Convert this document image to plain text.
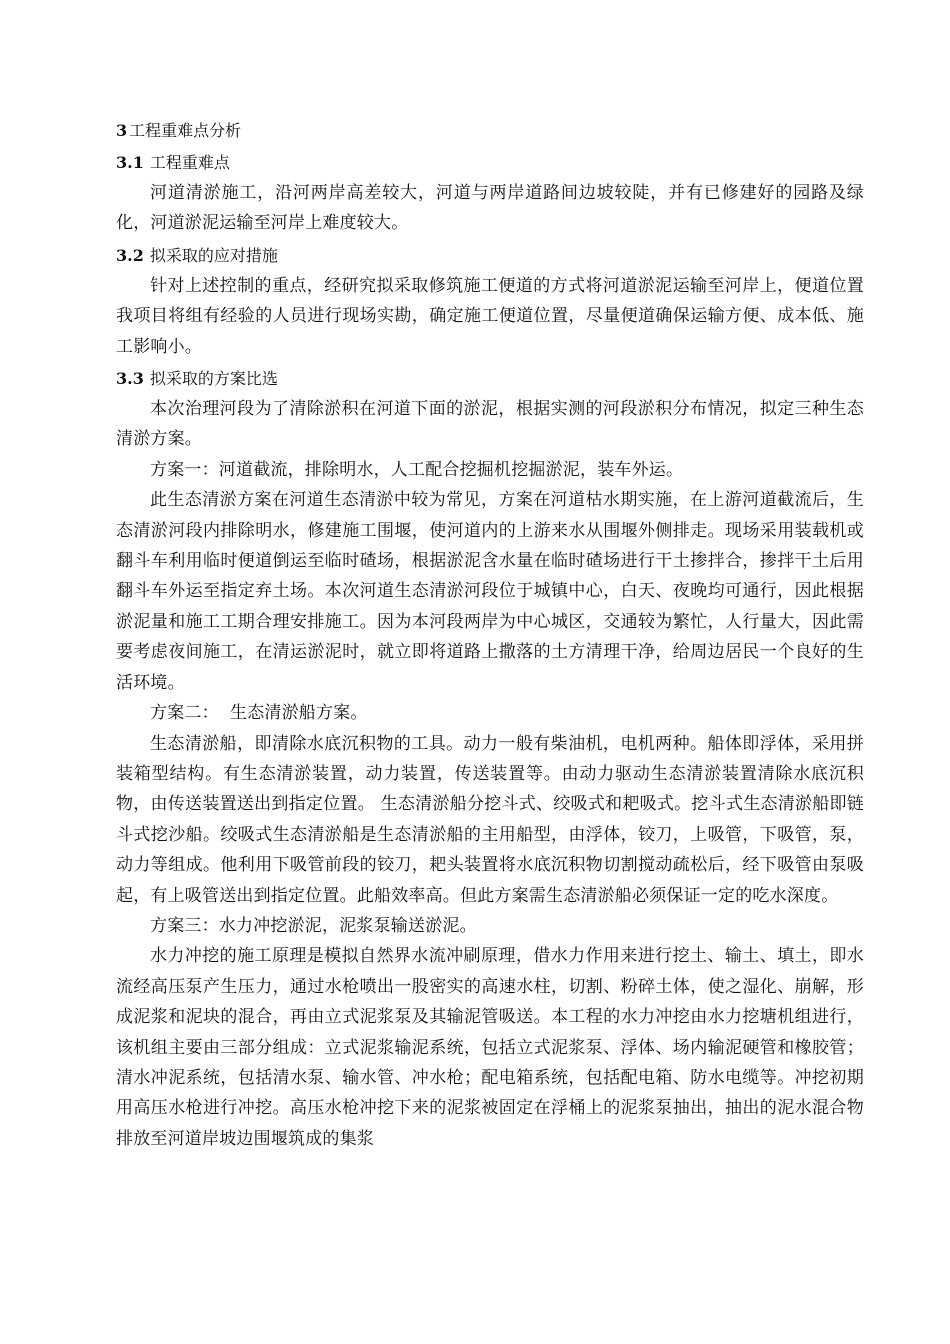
3 工程重难点分析
3.1 工程重难点

河道清淤施工，沿河两岸高差较大，河道与两岸道路间边坡较陡，并有已修建好的园路及绿化，河道淤泥运输至河岸上难度较大。

3.2 拟采取的应对措施

针对上述控制的重点，经研究拟采取修筑施工便道的方式将河道淤泥运输至河岸上，便道位置我项目将组有经验的人员进行现场实勘，确定施工便道位置，尽量便道确保运输方便、成本低、施工影响小。

3.3 拟采取的方案比选

本次治理河段为了清除淤积在河道下面的淤泥，根据实测的河段淤积分布情况，拟定三种生态清淤方案。

方案一：河道截流，排除明水，人工配合挖掘机挖掘淤泥，装车外运。

此生态清淤方案在河道生态清淤中较为常见，方案在河道枯水期实施，在上游河道截流后，生态清淤河段内排除明水，修建施工围堰，使河道内的上游来水从围堰外侧排走。现场采用装载机或翻斗车利用临时便道倒运至临时碴场，根据淤泥含水量在临时碴场进行干土掺拌合，掺拌干土后用翻斗车外运至指定弃土场。本次河道生态清淤河段位于城镇中心，白天、夜晚均可通行，因此根据淤泥量和施工工期合理安排施工。因为本河段两岸为中心城区，交通较为繁忙，人行量大，因此需要考虑夜间施工，在清运淤泥时，就立即将道路上撒落的土方清理干净，给周边居民一个良好的生活环境。

方案二：  生态清淤船方案。

生态清淤船，即清除水底沉积物的工具。动力一般有柴油机，电机两种。船体即浮体，采用拼装箱型结构。有生态清淤装置，动力装置，传送装置等。由动力驱动生态清淤装置清除水底沉积物，由传送装置送出到指定位置。 生态清淤船分挖斗式、绞吸式和耙吸式。挖斗式生态清淤船即链斗式挖沙船。绞吸式生态清淤船是生态清淤船的主用船型，由浮体，铰刀，上吸管，下吸管，泵，动力等组成。他利用下吸管前段的铰刀，耙头装置将水底沉积物切割搅动疏松后，经下吸管由泵吸起，有上吸管送出到指定位置。此船效率高。但此方案需生态清淤船必须保证一定的吃水深度。

方案三：水力冲挖淤泥，泥浆泵输送淤泥。

水力冲挖的施工原理是模拟自然界水流冲刷原理，借水力作用来进行挖土、输土、填土，即水流经高压泵产生压力，通过水枪喷出一股密实的高速水柱，切割、粉碎土体，使之湿化、崩解，形成泥浆和泥块的混合，再由立式泥浆泵及其输泥管吸送。本工程的水力冲挖由水力挖塘机组进行，该机组主要由三部分组成：立式泥浆输泥系统，包括立式泥浆泵、浮体、场内输泥硬管和橡胶管；清水冲泥系统，包括清水泵、输水管、冲水枪；配电箱系统，包括配电箱、防水电缆等。冲挖初期用高压水枪进行冲挖。高压水枪冲挖下来的泥浆被固定在浮桶上的泥浆泵抽出，抽出的泥水混合物排放至河道岸坡边围堰筑成的集浆
